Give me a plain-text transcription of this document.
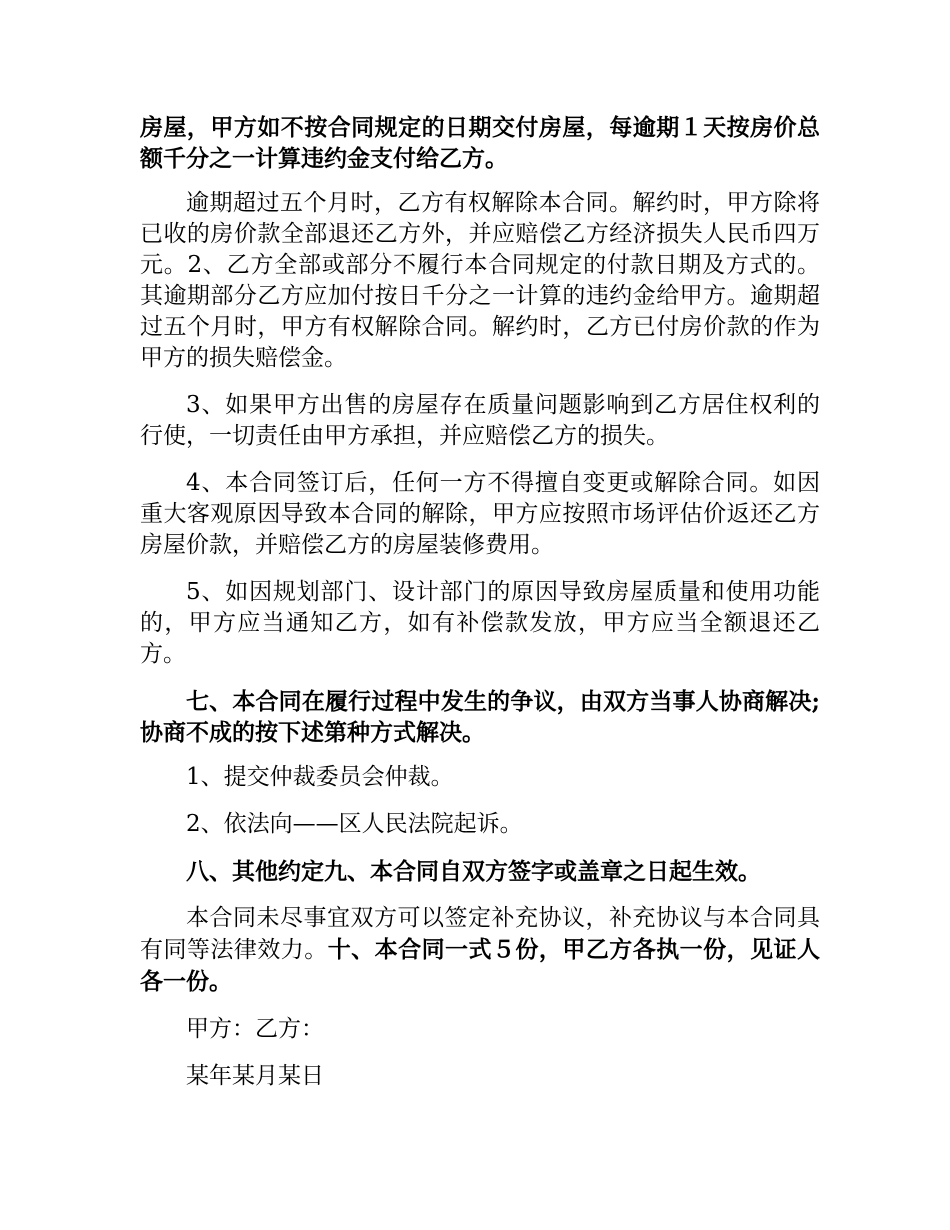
房屋，甲方如不按合同规定的日期交付房屋，每逾期１天按房价总额千分之一计算违约金支付给乙方。

逾期超过五个月时，乙方有权解除本合同。解约时，甲方除将已收的房价款全部退还乙方外，并应赔偿乙方经济损失人民币四万元。2、乙方全部或部分不履行本合同规定的付款日期及方式的。其逾期部分乙方应加付按日千分之一计算的违约金给甲方。逾期超过五个月时，甲方有权解除合同。解约时，乙方已付房价款的作为甲方的损失赔偿金。

3、如果甲方出售的房屋存在质量问题影响到乙方居住权利的行使，一切责任由甲方承担，并应赔偿乙方的损失。

4、本合同签订后，任何一方不得擅自变更或解除合同。如因重大客观原因导致本合同的解除，甲方应按照市场评估价返还乙方房屋价款，并赔偿乙方的房屋装修费用。

5、如因规划部门、设计部门的原因导致房屋质量和使用功能的，甲方应当通知乙方，如有补偿款发放，甲方应当全额退还乙方。

七、本合同在履行过程中发生的争议，由双方当事人协商解决;协商不成的按下述第种方式解决。

1、提交仲裁委员会仲裁。

2、依法向——区人民法院起诉。

八、其他约定九、本合同自双方签字或盖章之日起生效。

本合同未尽事宜双方可以签定补充协议，补充协议与本合同具有同等法律效力。十、本合同一式５份，甲乙方各执一份，见证人各一份。

甲方：乙方：

某年某月某日
